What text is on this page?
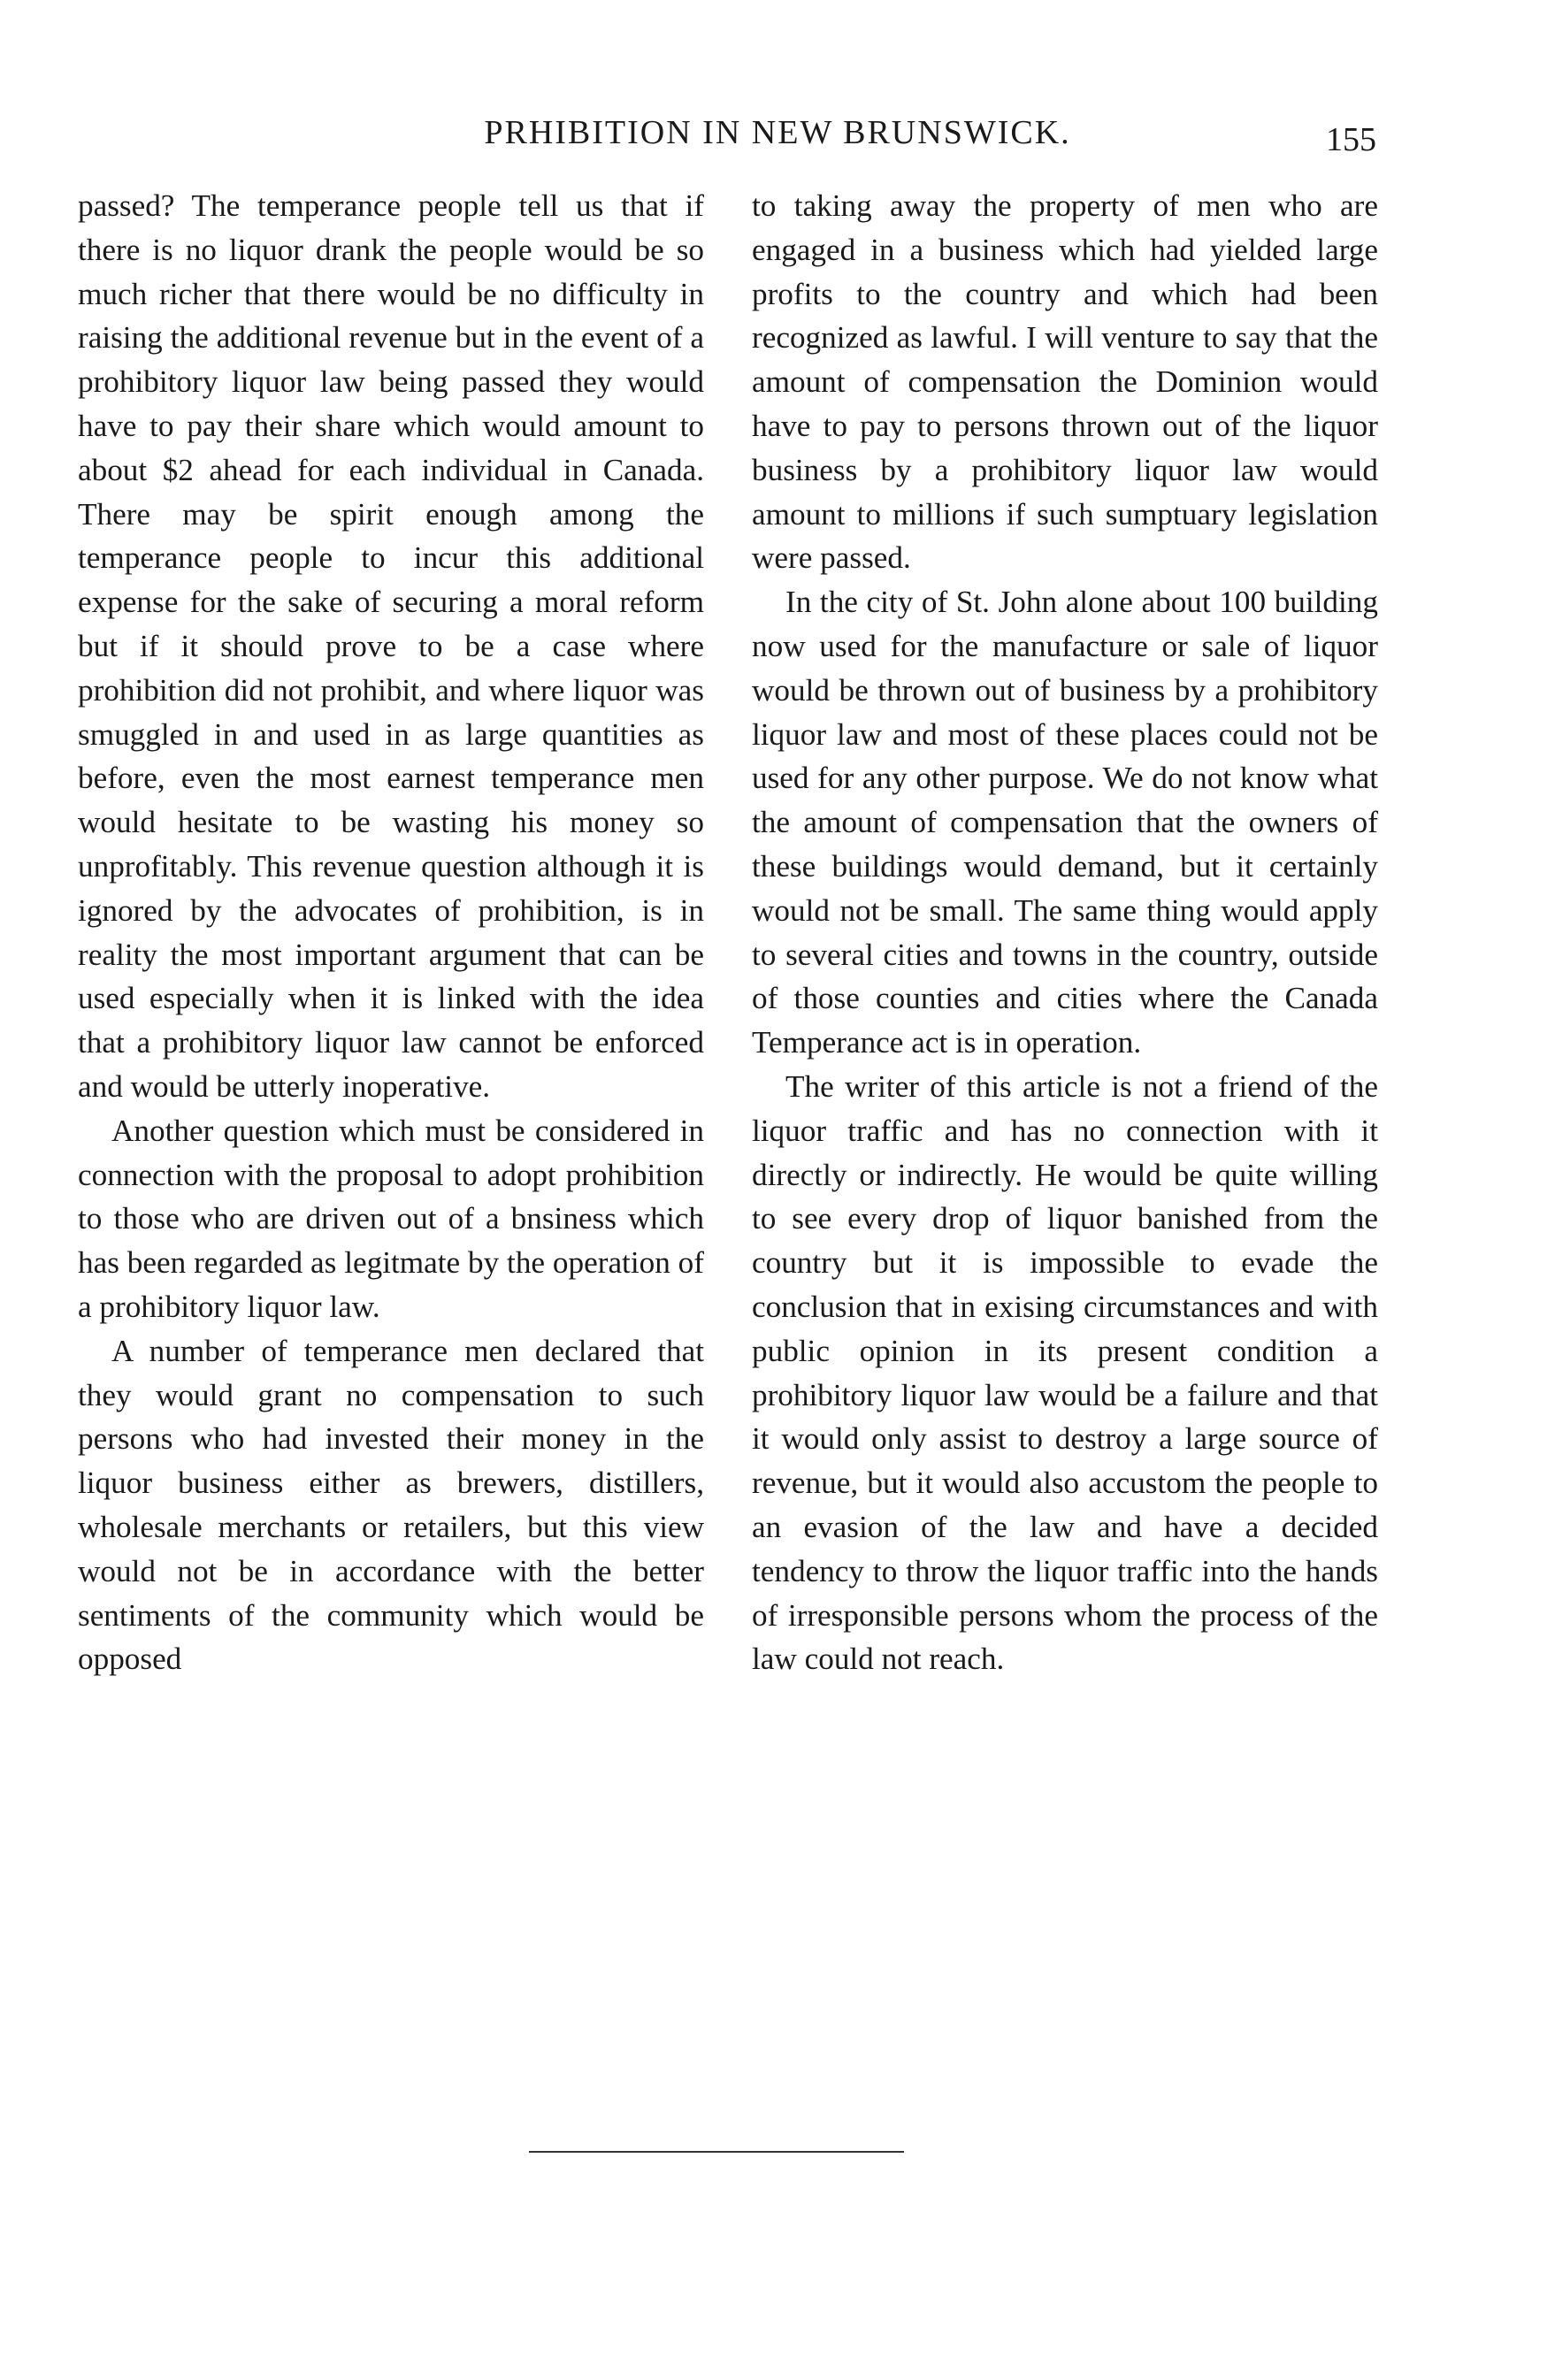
PRHIBITION IN NEW BRUNSWICK.	155

passed? The temperance people tell us that if there is no liquor drank the people would be so much richer that there would be no difficulty in raising the additional revenue but in the event of a prohibitory liquor law being passed they would have to pay their share which would amount to about $2 ahead for each individual in Canada. There may be spirit enough among the temperance people to incur this additional expense for the sake of securing a moral reform but if it should prove to be a case where prohibition did not prohibit, and where liquor was smuggled in and used in as large quantities as before, even the most earnest temperance men would hesitate to be wasting his money so unprofitably. This revenue question although it is ignored by the advocates of prohibition, is in reality the most important argument that can be used especially when it is linked with the idea that a prohibitory liquor law cannot be enforced and would be utterly inoperative.

Another question which must be considered in connection with the proposal to adopt prohibition to those who are driven out of a bnsiness which has been regarded as legitmate by the operation of a prohibitory liquor law.

A number of temperance men declared that they would grant no compensation to such persons who had invested their money in the liquor business either as brewers, distillers, wholesale merchants or retailers, but this view would not be in accordance with the better sentiments of the community which would be opposed

to taking away the property of men who are engaged in a business which had yielded large profits to the country and which had been recognized as lawful. I will venture to say that the amount of compensation the Dominion would have to pay to persons thrown out of the liquor business by a prohibitory liquor law would amount to millions if such sumptuary legislation were passed.

In the city of St. John alone about 100 building now used for the manufacture or sale of liquor would be thrown out of business by a prohibitory liquor law and most of these places could not be used for any other purpose. We do not know what the amount of compensation that the owners of these buildings would demand, but it certainly would not be small. The same thing would apply to several cities and towns in the country, outside of those counties and cities where the Canada Temperance act is in operation.

The writer of this article is not a friend of the liquor traffic and has no connection with it directly or indirectly. He would be quite willing to see every drop of liquor banished from the country but it is impossible to evade the conclusion that in exising circumstances and with public opinion in its present condition a prohibitory liquor law would be a failure and that it would only assist to destroy a large source of revenue, but it would also accustom the people to an evasion of the law and have a decided tendency to throw the liquor traffic into the hands of irresponsible persons whom the process of the law could not reach.
